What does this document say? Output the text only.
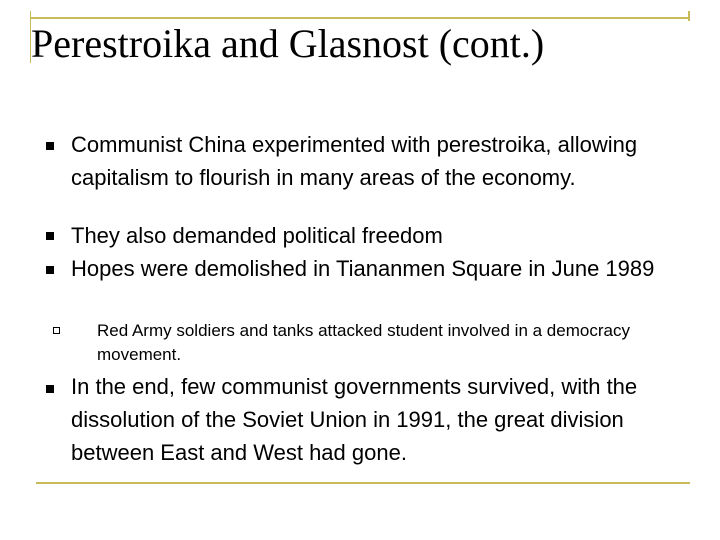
Perestroika and Glasnost (cont.)
Communist China experimented with perestroika, allowing capitalism to flourish in many areas of the economy.
They also demanded political freedom
Hopes were demolished in Tiananmen Square in June 1989
Red Army soldiers and tanks attacked student involved in a democracy movement.
In the end, few communist governments survived, with the dissolution of the Soviet Union in 1991, the great division between East and West had gone.
